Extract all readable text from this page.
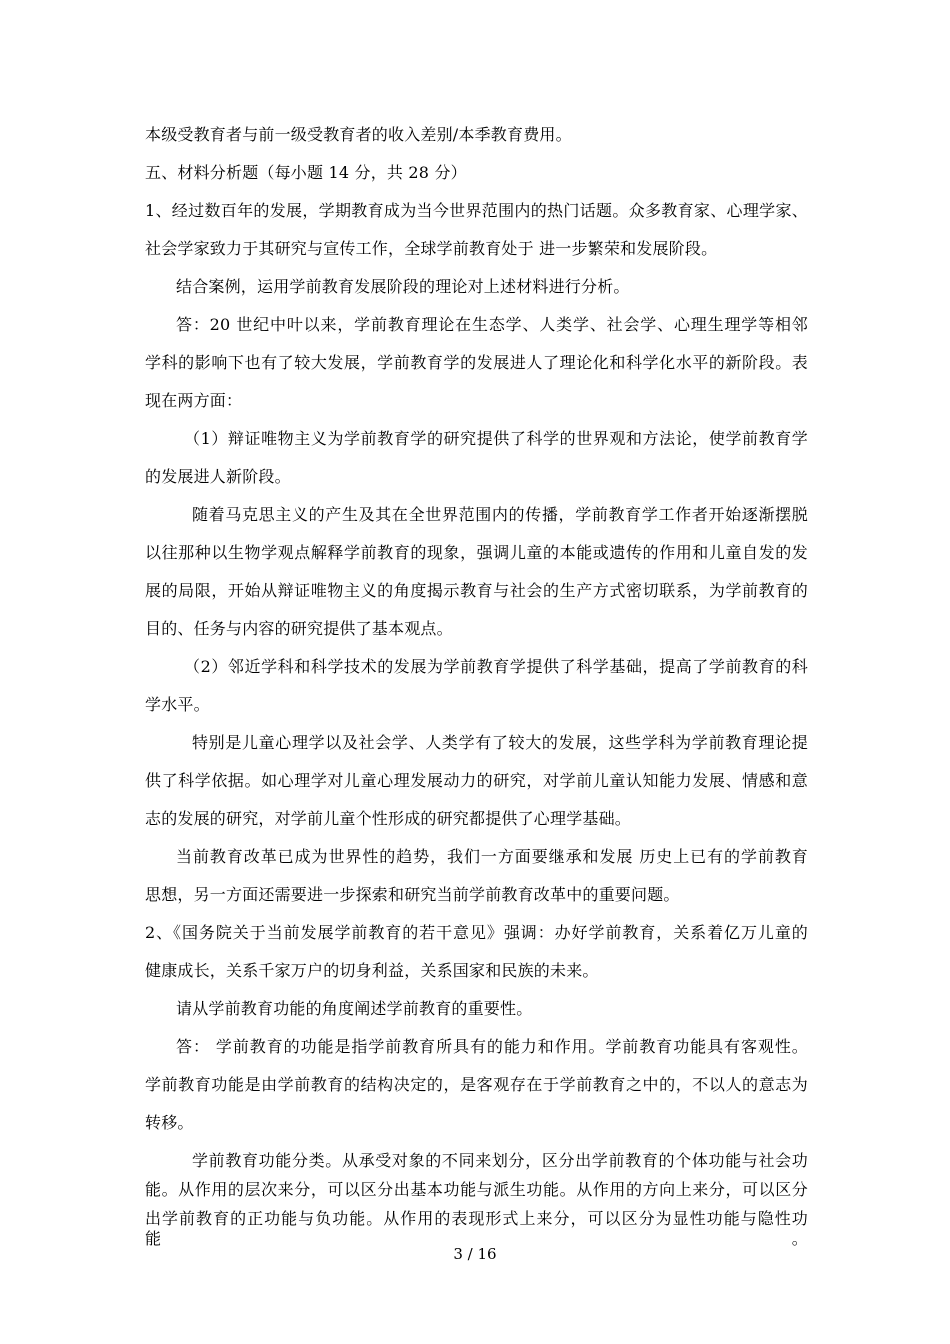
本级受教育者与前一级受教育者的收入差别/本季教育费用。
五、材料分析题（每小题 14 分，共 28 分）
1、经过数百年的发展，学期教育成为当今世界范围内的热门话题。众多教育家、心理学家、
社会学家致力于其研究与宣传工作，全球学前教育处于 进一步繁荣和发展阶段。
结合案例，运用学前教育发展阶段的理论对上述材料进行分析。
答：20 世纪中叶以来，学前教育理论在生态学、人类学、社会学、心理生理学等相邻
学科的影响下也有了较大发展，学前教育学的发展进人了理论化和科学化水平的新阶段。表
现在两方面：
（1）辩证唯物主义为学前教育学的研究提供了科学的世界观和方法论，使学前教育学
的发展进人新阶段。
随着马克思主义的产生及其在全世界范围内的传播，学前教育学工作者开始逐渐摆脱
以往那种以生物学观点解释学前教育的现象，强调儿童的本能或遗传的作用和儿童自发的发
展的局限，开始从辩证唯物主义的角度揭示教育与社会的生产方式密切联系，为学前教育的
目的、任务与内容的研究提供了基本观点。
（2）邻近学科和科学技术的发展为学前教育学提供了科学基础，提高了学前教育的科
学水平。
特别是儿童心理学以及社会学、人类学有了较大的发展，这些学科为学前教育理论提
供了科学依据。如心理学对儿童心理发展动力的研究，对学前儿童认知能力发展、情感和意
志的发展的研究，对学前儿童个性形成的研究都提供了心理学基础。
当前教育改革已成为世界性的趋势，我们一方面要继承和发展 历史上已有的学前教育
思想，另一方面还需要进一步探索和研究当前学前教育改革中的重要问题。
2、《国务院关于当前发展学前教育的若干意见》强调：办好学前教育，关系着亿万儿童的
健康成长，关系千家万户的切身利益，关系国家和民族的未来。
请从学前教育功能的角度阐述学前教育的重要性。
答： 学前教育的功能是指学前教育所具有的能力和作用。学前教育功能具有客观性。
学前教育功能是由学前教育的结构决定的，是客观存在于学前教育之中的，不以人的意志为
转移。
学前教育功能分类。从承受对象的不同来划分，区分出学前教育的个体功能与社会功
能。从作用的层次来分，可以区分出基本功能与派生功能。从作用的方向上来分，可以区分
出学前教育的正功能与负功能。从作用的表现形式上来分，可以区分为显性功能与隐性功能。
3 / 16
